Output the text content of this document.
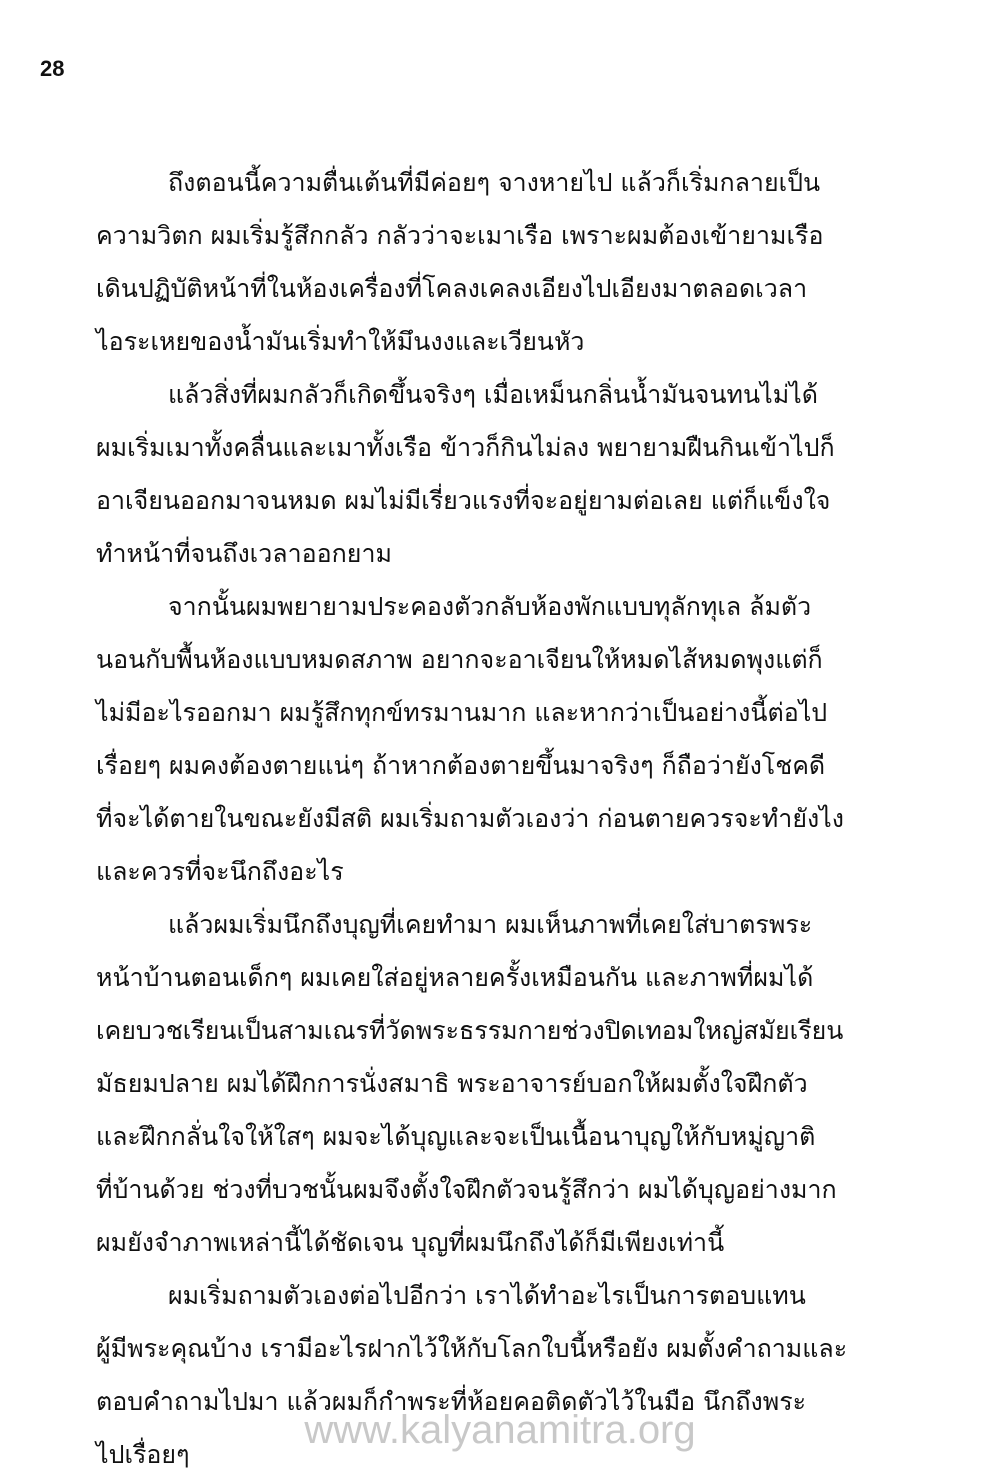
28
ถึงตอนนี้ความตื่นเต้นที่มีค่อยๆ จางหายไป แล้วก็เริ่มกลายเป็น
ความวิตก ผมเริ่มรู้สึกกลัว กลัวว่าจะเมาเรือ เพราะผมต้องเข้ายามเรือ
เดินปฏิบัติหน้าที่ในห้องเครื่องที่โคลงเคลงเอียงไปเอียงมาตลอดเวลา
ไอระเหยของน้ำมันเริ่มทำให้มึนงงและเวียนหัว
แล้วสิ่งที่ผมกลัวก็เกิดขึ้นจริงๆ เมื่อเหม็นกลิ่นน้ำมันจนทนไม่ได้
ผมเริ่มเมาทั้งคลื่นและเมาทั้งเรือ ข้าวก็กินไม่ลง พยายามฝืนกินเข้าไปก็
อาเจียนออกมาจนหมด ผมไม่มีเรี่ยวแรงที่จะอยู่ยามต่อเลย แต่ก็แข็งใจ
ทำหน้าที่จนถึงเวลาออกยาม
จากนั้นผมพยายามประคองตัวกลับห้องพักแบบทุลักทุเล ล้มตัว
นอนกับพื้นห้องแบบหมดสภาพ อยากจะอาเจียนให้หมดไส้หมดพุงแต่ก็
ไม่มีอะไรออกมา ผมรู้สึกทุกข์ทรมานมาก และหากว่าเป็นอย่างนี้ต่อไป
เรื่อยๆ ผมคงต้องตายแน่ๆ ถ้าหากต้องตายขึ้นมาจริงๆ ก็ถือว่ายังโชคดี
ที่จะได้ตายในขณะยังมีสติ ผมเริ่มถามตัวเองว่า ก่อนตายควรจะทำยังไง
และควรที่จะนึกถึงอะไร
แล้วผมเริ่มนึกถึงบุญที่เคยทำมา ผมเห็นภาพที่เคยใส่บาตรพระ
หน้าบ้านตอนเด็กๆ ผมเคยใส่อยู่หลายครั้งเหมือนกัน และภาพที่ผมได้
เคยบวชเรียนเป็นสามเณรที่วัดพระธรรมกายช่วงปิดเทอมใหญ่สมัยเรียน
มัธยมปลาย ผมได้ฝึกการนั่งสมาธิ พระอาจารย์บอกให้ผมตั้งใจฝึกตัว
และฝึกกลั่นใจให้ใสๆ ผมจะได้บุญและจะเป็นเนื้อนาบุญให้กับหมู่ญาติ
ที่บ้านด้วย ช่วงที่บวชนั้นผมจึงตั้งใจฝึกตัวจนรู้สึกว่า ผมได้บุญอย่างมาก
ผมยังจำภาพเหล่านี้ได้ชัดเจน บุญที่ผมนึกถึงได้ก็มีเพียงเท่านี้
ผมเริ่มถามตัวเองต่อไปอีกว่า เราได้ทำอะไรเป็นการตอบแทน
ผู้มีพระคุณบ้าง เรามีอะไรฝากไว้ให้กับโลกใบนี้หรือยัง ผมตั้งคำถามและ
ตอบคำถามไปมา แล้วผมก็กำพระที่ห้อยคอติดตัวไว้ในมือ นึกถึงพระ
ไปเรื่อยๆ
www.kalyanamitra.org
